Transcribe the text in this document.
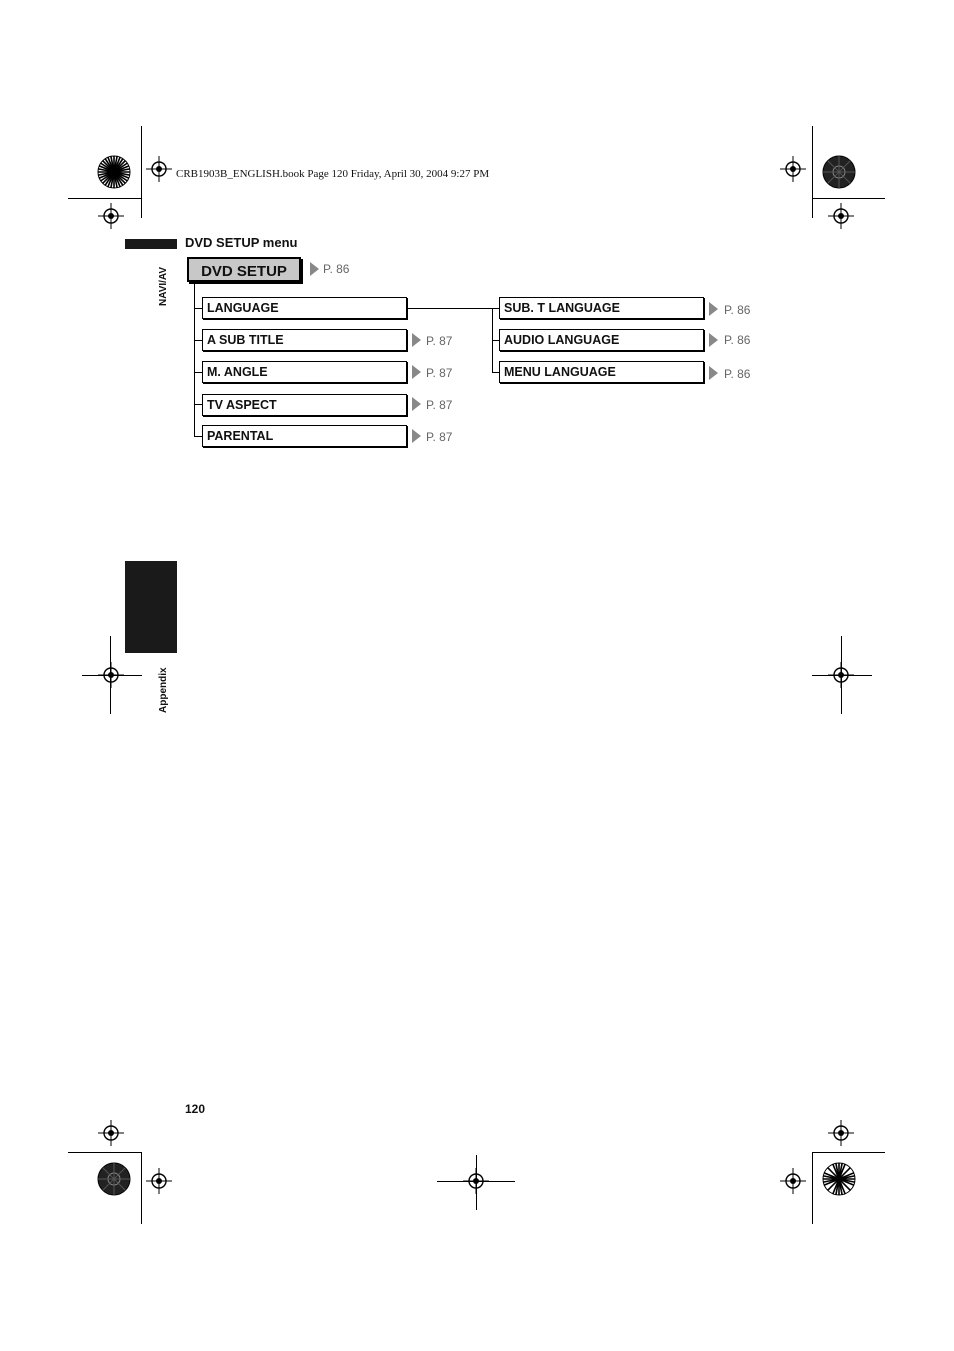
CRB1903B_ENGLISH.book Page 120 Friday, April 30, 2004 9:27 PM
NAVI/AV
Appendix
DVD SETUP menu
DVD SETUP	P. 86
LANGUAGE
A SUB TITLE	P. 87
M. ANGLE	P. 87
TV ASPECT	P. 87
PARENTAL	P. 87
SUB. T LANGUAGE	P. 86
AUDIO LANGUAGE	P. 86
MENU LANGUAGE	P. 86
120
